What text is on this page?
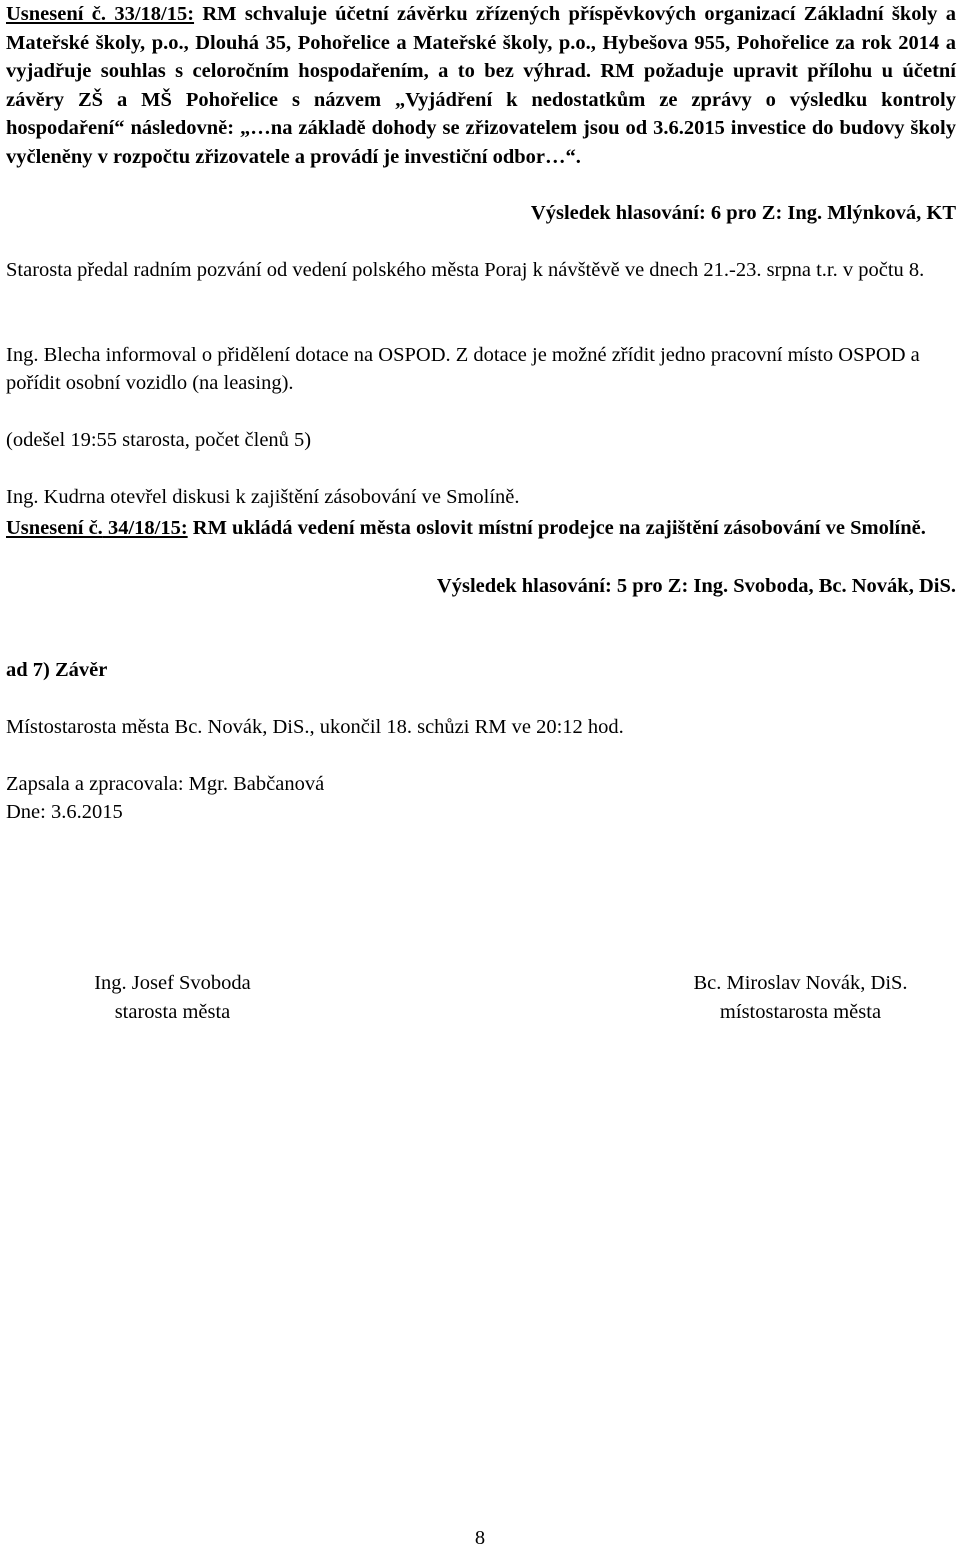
Usnesení č. 33/18/15: RM schvaluje účetní závěrku zřízených příspěvkových organizací Základní školy a Mateřské školy, p.o., Dlouhá 35, Pohořelice a Mateřské školy, p.o., Hybešova 955, Pohořelice za rok 2014 a vyjadřuje souhlas s celoročním hospodařením, a to bez výhrad. RM požaduje upravit přílohu u účetní závěry ZŠ a MŠ Pohořelice s názvem „Vyjádření k nedostatkům ze zprávy o výsledku kontroly hospodaření“ následovně: „…na základě dohody se zřizovatelem jsou od 3.6.2015 investice do budovy školy vyčleněny v rozpočtu zřizovatele a provádí je investiční odbor…“.

Výsledek hlasování: 6 pro Z: Ing. Mlýnková, KT

Starosta předal radním pozvání od vedení polského města Poraj k návštěvě ve dnech 21.-23. srpna t.r. v počtu 8.

Ing. Blecha informoval o přidělení dotace na OSPOD. Z dotace je možné zřídit jedno pracovní místo OSPOD a pořídit osobní vozidlo (na leasing).

(odešel 19:55 starosta, počet členů 5)

Ing. Kudrna otevřel diskusi k zajištění zásobování ve Smolíně.

Usnesení č. 34/18/15: RM ukládá vedení města oslovit místní prodejce na zajištění zásobování ve Smolíně.

Výsledek hlasování: 5 pro Z: Ing. Svoboda, Bc. Novák, DiS.

ad 7) Závěr

Místostarosta města Bc. Novák, DiS., ukončil 18. schůzi RM ve 20:12 hod.

Zapsala a zpracovala: Mgr. Babčanová

Dne: 3.6.2015

Ing. Josef Svoboda
starosta města
Bc. Miroslav Novák, DiS.
místostarosta města
8
